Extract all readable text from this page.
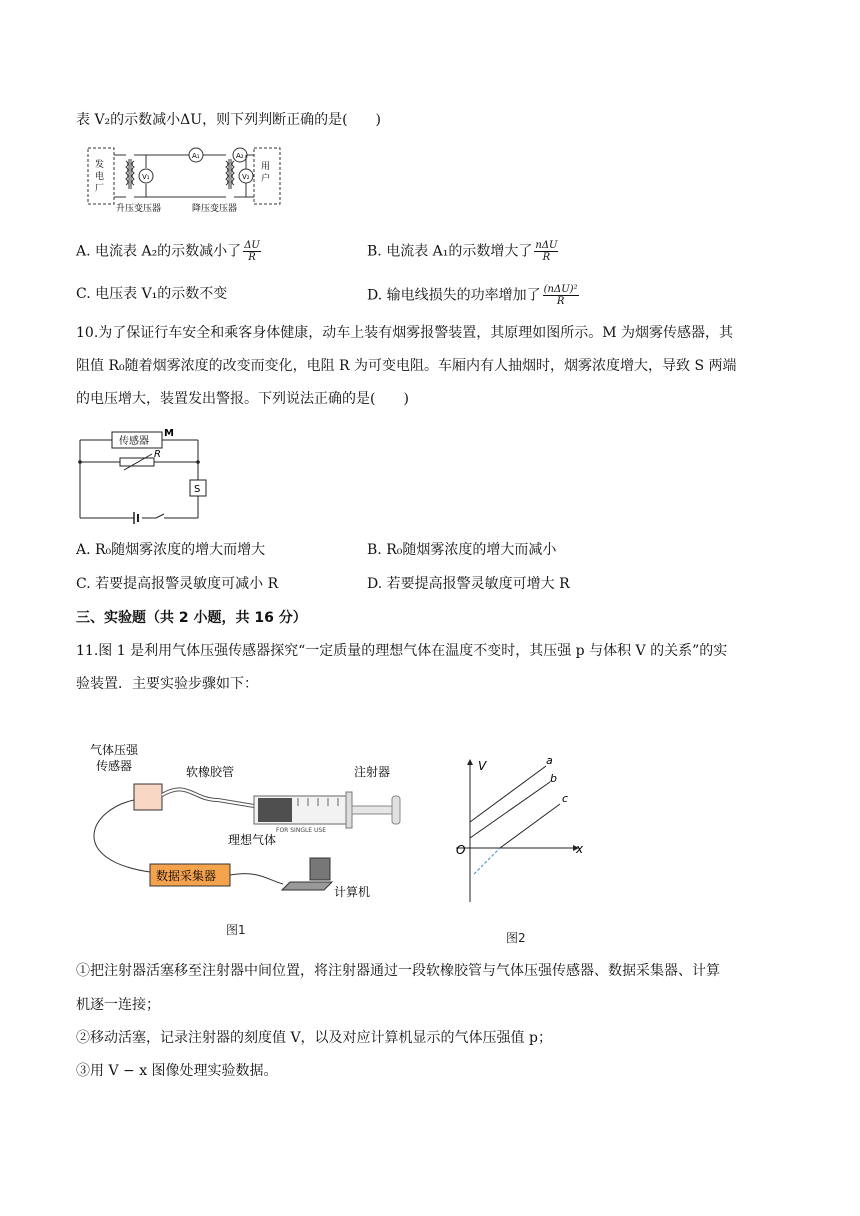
表 V₂的示数减小ΔU，则下列判断正确的是(　　)
发
电
厂
用
户
V₁
A₁	A₂
V₂
升压变压器	降压变压器
A. 电流表 A₂的示数减小了 $\frac{\Delta U}{R}$	B. 电流表 A₁的示数增大了 $\frac{\text{nΔU}}{R}$
C. 电压表 V₁的示数不变	D. 输电线损失的功率增加了 $\frac{\text{(nΔU)²}}{R}$
10.为了保证行车安全和乘客身体健康，动车上装有烟雾报警装置，其原理如图所示。M 为烟雾传感器，其
阻值 R₀随着烟雾浓度的改变而变化，电阻 R 为可变电阻。车厢内有人抽烟时，烟雾浓度增大，导致 S 两端
的电压增大，装置发出警报。下列说法正确的是(　　)
传感器
M
R
S
A. R₀随烟雾浓度的增大而增大	B. R₀随烟雾浓度的增大而减小
C. 若要提高报警灵敏度可减小 R	D. 若要提高报警灵敏度可增大 R
三、实验题（共 2 小题，共 16 分）
11.图 1 是利用气体压强传感器探究“一定质量的理想气体在温度不变时，其压强 p 与体积 V 的关系”的实
验装置．主要实验步骤如下：
气体压强
传感器	软橡胶管	注射器
FOR SINGLE USE
理想气体
数据采集器
计算机
图1
V
x
O
a
b
c
图2
①把注射器活塞移至注射器中间位置，将注射器通过一段软橡胶管与气体压强传感器、数据采集器、计算
机逐一连接；
②移动活塞，记录注射器的刻度值 V，以及对应计算机显示的气体压强值 p；
③用 V − x 图像处理实验数据。
